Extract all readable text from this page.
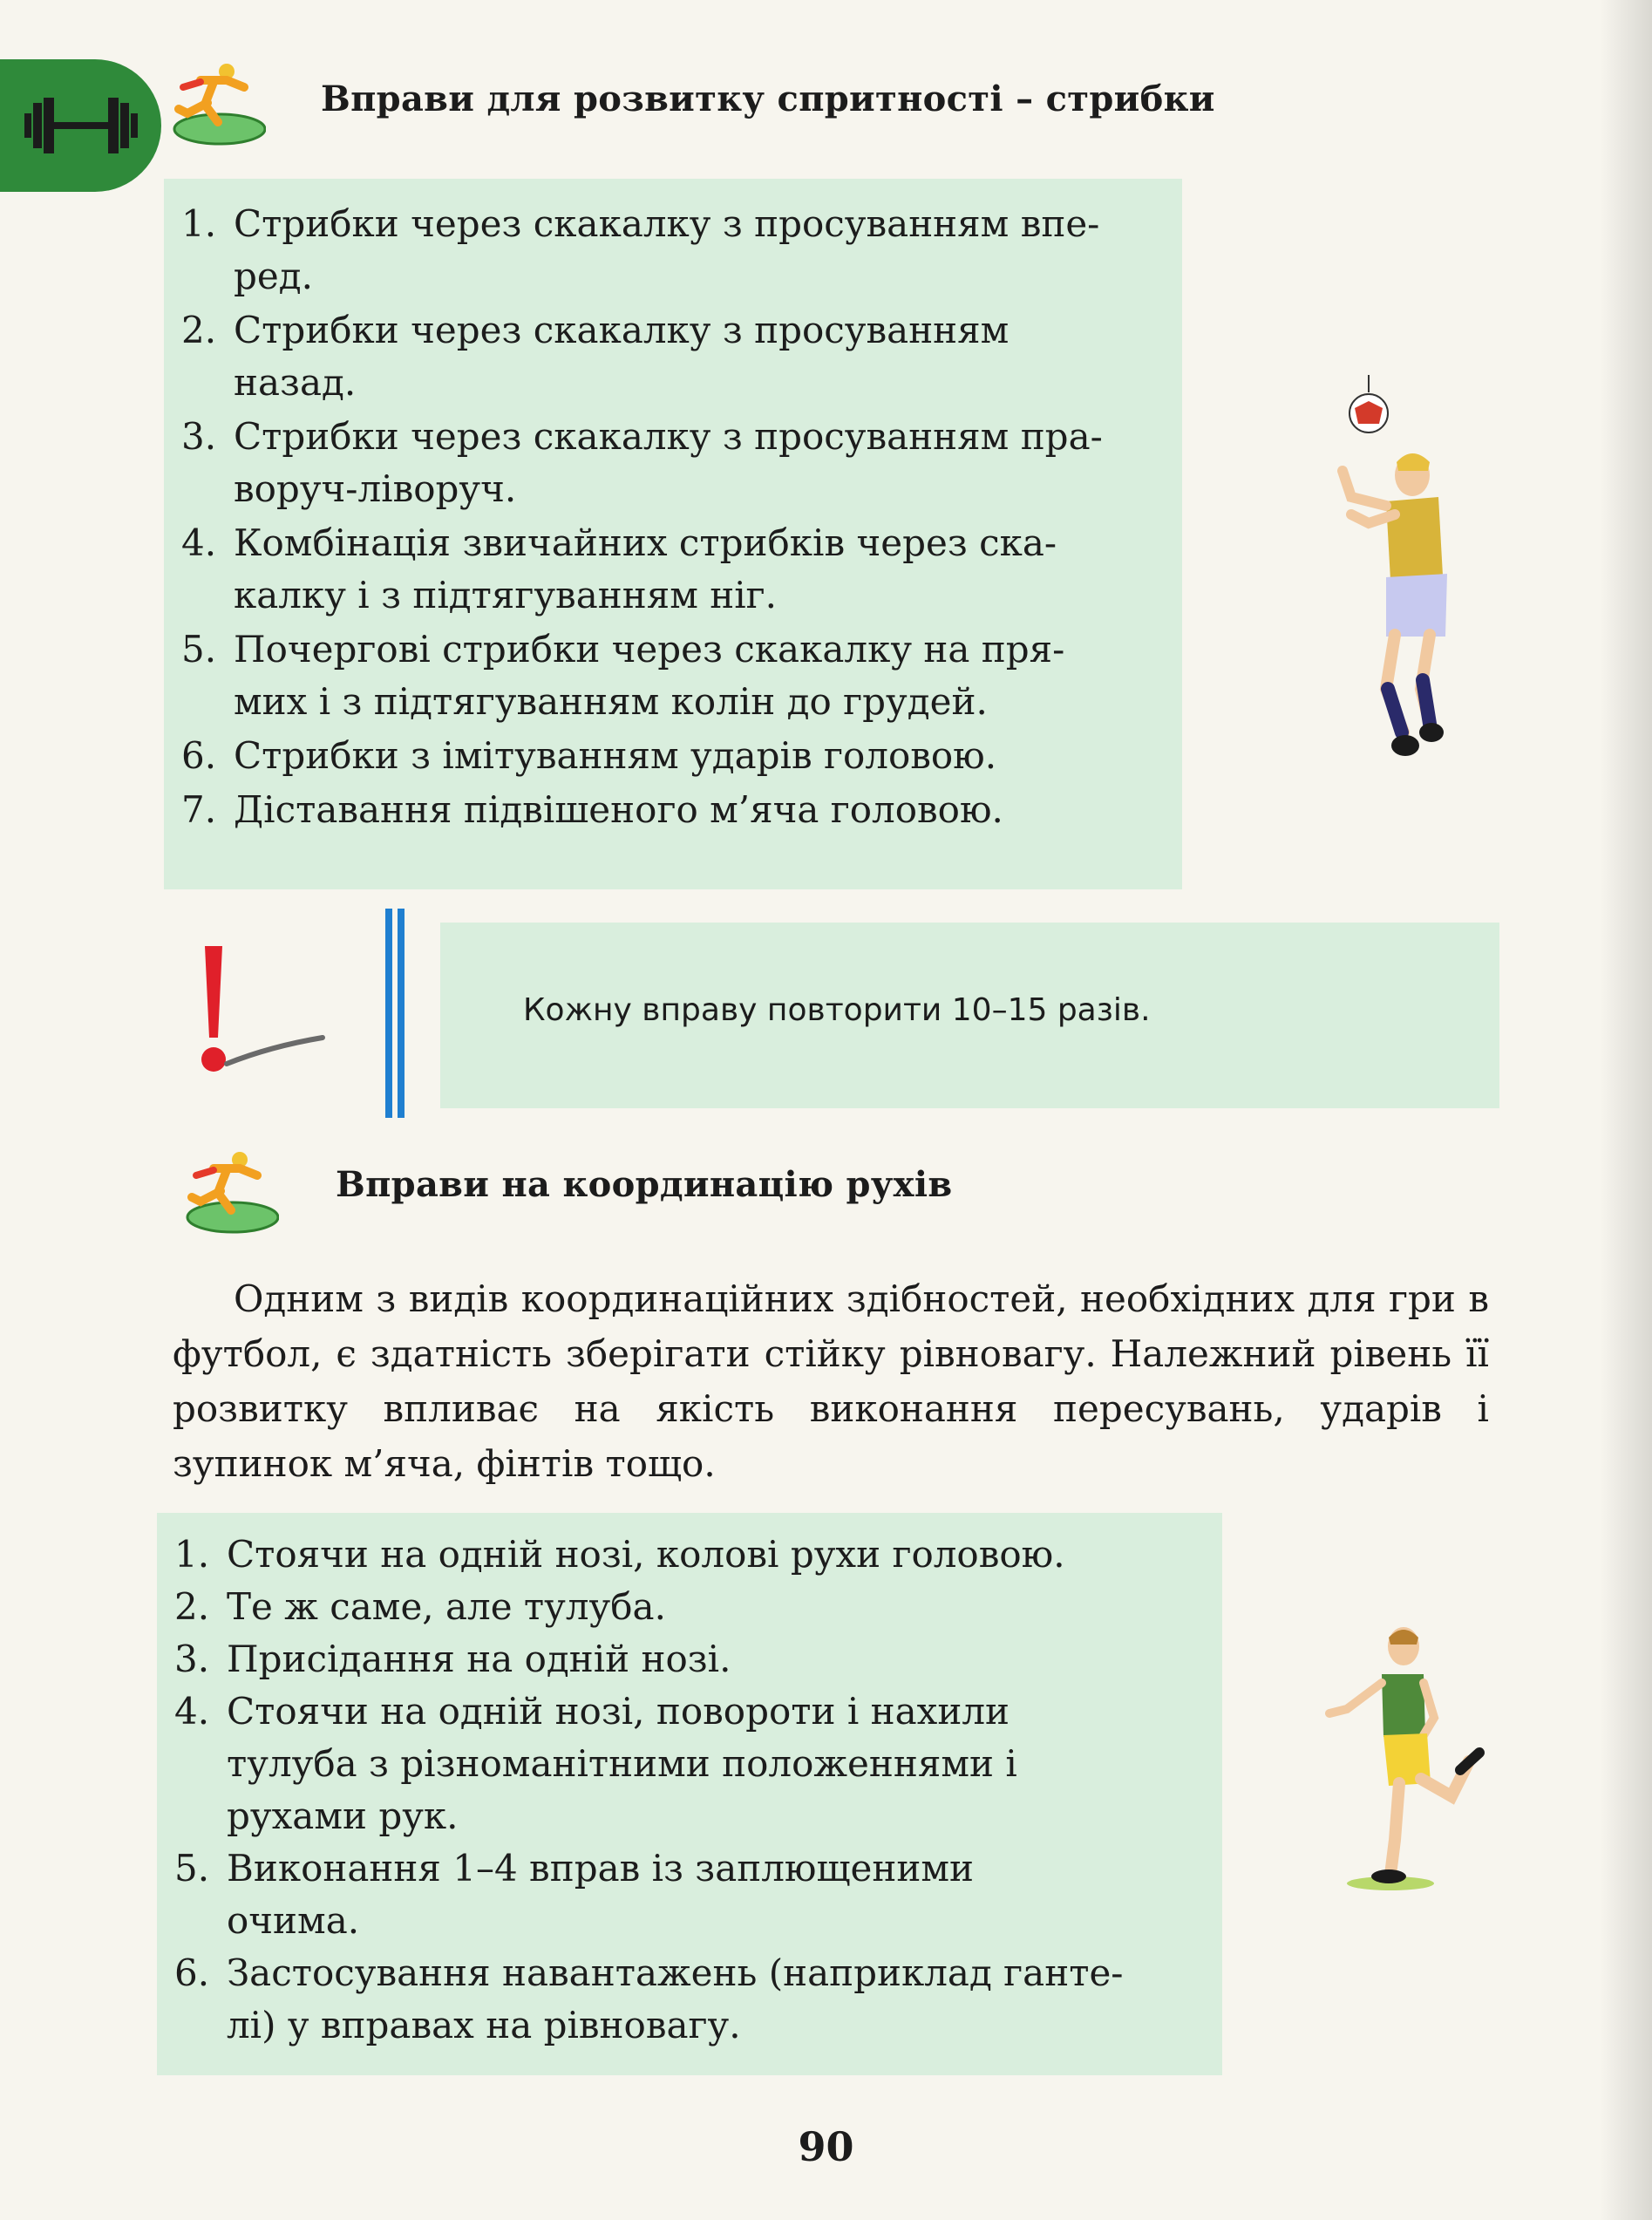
Вправи для розвитку спритності – стрибки
1. Стрибки через скакалку з просуванням впе-
ред.
2. Стрибки через скакалку з просуванням
назад.
3. Стрибки через скакалку з просуванням пра-
воруч-ліворуч.
4. Комбінація звичайних стрибків через ска-
калку і з підтягуванням ніг.
5. Почергові стрибки через скакалку на пря-
мих і з підтягуванням колін до грудей.
6. Стрибки з імітуванням ударів головою.
7. Діставання підвішеного м’яча головою.
Кожну вправу повторити 10–15 разів.
Вправи на координацію рухів
Одним з видів координаційних здібностей, необхідних для гри в футбол, є здатність зберігати стійку рівновагу. Належний рівень її розвитку впливає на якість виконання пересувань, ударів і зупинок м’яча, фінтів тощо.
1. Стоячи на одній нозі, колові рухи головою.
2. Те ж саме, але тулуба.
3. Присідання на одній нозі.
4. Стоячи на одній нозі, повороти і нахили
тулуба з різноманітними положеннями і
рухами рук.
5. Виконання 1–4 вправ із заплющеними
очима.
6. Застосування навантажень (наприклад ганте-
лі) у вправах на рівновагу.
90
